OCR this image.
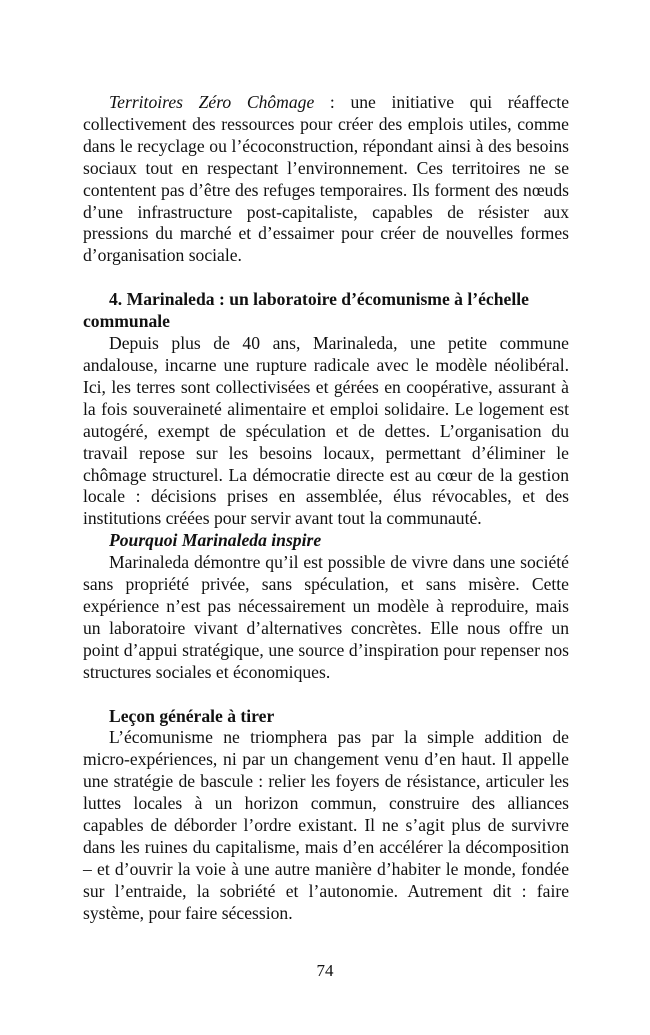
Territoires Zéro Chômage : une initiative qui réaffecte collectivement des ressources pour créer des emplois utiles, comme dans le recyclage ou l’écoconstruction, répondant ainsi à des besoins sociaux tout en respectant l’environnement. Ces territoires ne se contentent pas d’être des refuges temporaires. Ils forment des nœuds d’une infrastructure post-capitaliste, capables de résister aux pressions du marché et d’essaimer pour créer de nouvelles formes d’organisation sociale.

4. Marinaleda : un laboratoire d’écomunisme à l’échelle communale

Depuis plus de 40 ans, Marinaleda, une petite commune andalouse, incarne une rupture radicale avec le modèle néolibéral. Ici, les terres sont collectivisées et gérées en coopérative, assurant à la fois souveraineté alimentaire et emploi solidaire. Le logement est autogéré, exempt de spéculation et de dettes. L’organisation du travail repose sur les besoins locaux, permettant d’éliminer le chômage structurel. La démocratie directe est au cœur de la gestion locale : décisions prises en assemblée, élus révocables, et des institutions créées pour servir avant tout la communauté.

Pourquoi Marinaleda inspire

Marinaleda démontre qu’il est possible de vivre dans une société sans propriété privée, sans spéculation, et sans misère. Cette expérience n’est pas nécessairement un modèle à reproduire, mais un laboratoire vivant d’alternatives concrètes. Elle nous offre un point d’appui stratégique, une source d’inspiration pour repenser nos structures sociales et économiques.

Leçon générale à tirer

L’écomunisme ne triomphera pas par la simple addition de micro-expériences, ni par un changement venu d’en haut. Il appelle une stratégie de bascule : relier les foyers de résistance, articuler les luttes locales à un horizon commun, construire des alliances capables de déborder l’ordre existant. Il ne s’agit plus de survivre dans les ruines du capitalisme, mais d’en accélérer la décomposition – et d’ouvrir la voie à une autre manière d’habiter le monde, fondée sur l’entraide, la sobriété et l’autonomie. Autrement dit : faire système, pour faire sécession.

74
